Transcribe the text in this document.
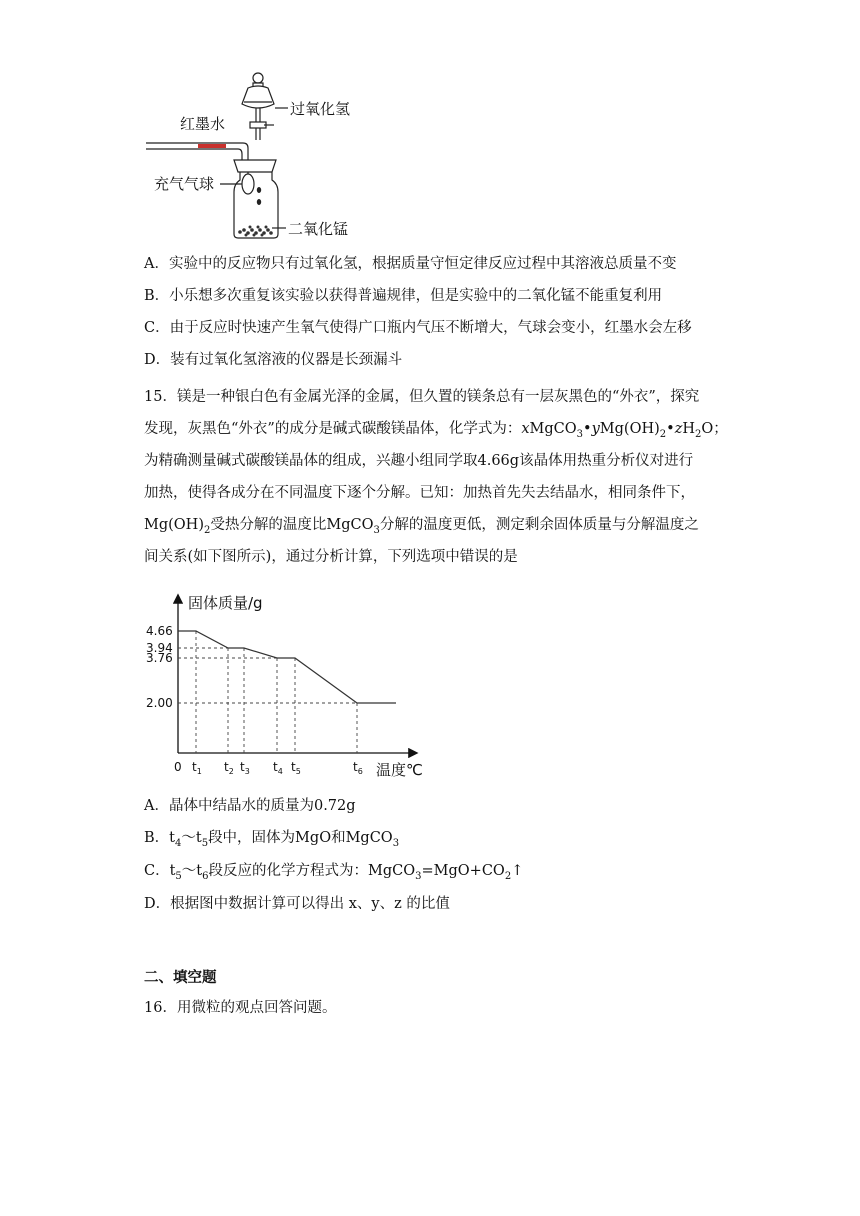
过氧化氢
红墨水
充气气球
二氧化锰
A．实验中的反应物只有过氧化氢，根据质量守恒定律反应过程中其溶液总质量不变
B．小乐想多次重复该实验以获得普遍规律，但是实验中的二氧化锰不能重复利用
C．由于反应时快速产生氧气使得广口瓶内气压不断增大，气球会变小，红墨水会左移
D．装有过氧化氢溶液的仪器是长颈漏斗
15．镁是一种银白色有金属光泽的金属，但久置的镁条总有一层灰黑色的“外衣”，探究
发现，灰黑色“外衣”的成分是碱式碳酸镁晶体，化学式为：$xMgCO_3•yMg(OH)_2•zH_2O$；
为精确测量碱式碳酸镁晶体的组成，兴趣小组同学取4.66g该晶体用热重分析仪对进行
加热，使得各成分在不同温度下逐个分解。已知：加热首先失去结晶水，相同条件下，
$Mg(OH)_2$受热分解的温度比MgCO$_3$分解的温度更低，测定剩余固体质量与分解温度之
间关系(如下图所示)，通过分析计算，下列选项中错误的是
固体质量/g
温度℃
0
4.66
3.94
3.76
2.00
$t_1$ $t_2$ $t_3$ $t_4$ $t_5$	$t_6$
A．晶体中结晶水的质量为0.72g
B．$t_4\sim t_5$段中，固体为MgO和MgCO$_3$
C．$t_5\sim t_6$段反应的化学方程式为：$MgCO_3=MgO+CO_2↑$
D．根据图中数据计算可以得出 x、y、z 的比值
二、填空题
16．用微粒的观点回答问题。
